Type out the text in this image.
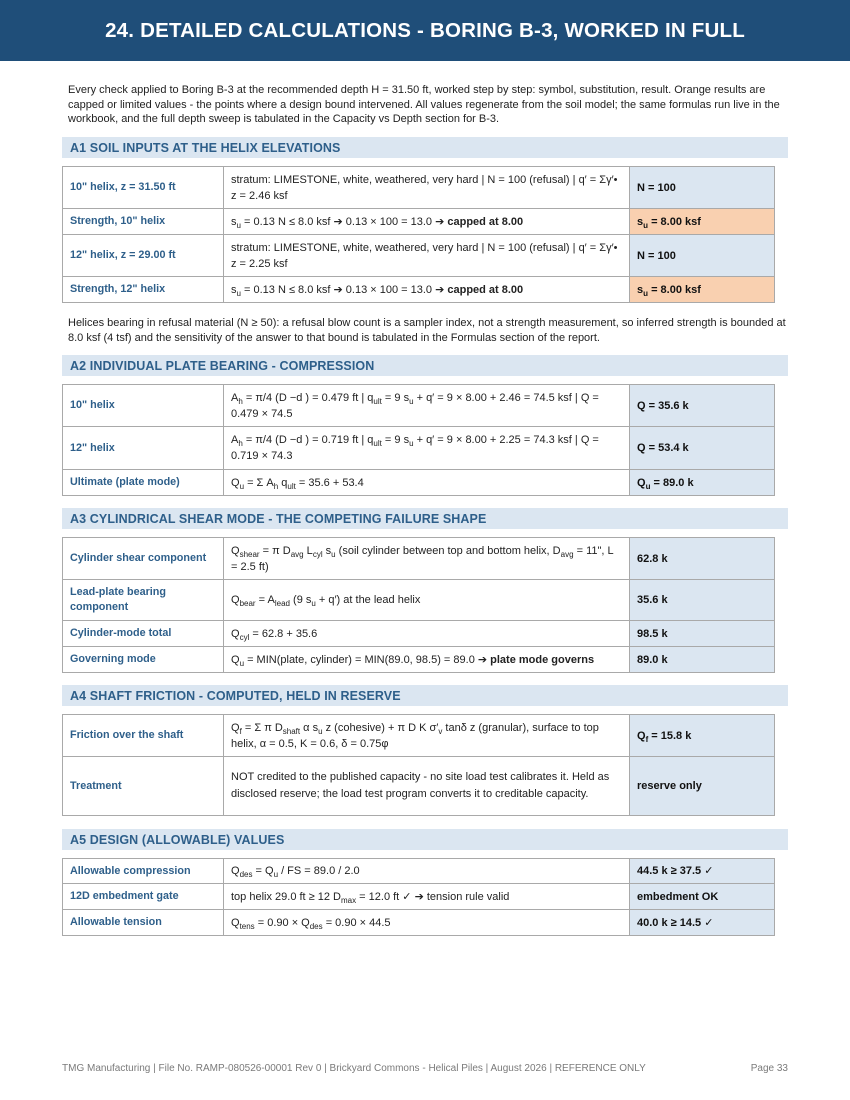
24. DETAILED CALCULATIONS - BORING B-3, WORKED IN FULL

Every check applied to Boring B-3 at the recommended depth H = 31.50 ft, worked step by step: symbol, substitution, result. Orange results are capped or limited values - the points where a design bound intervened. All values regenerate from the soil model; the same formulas run live in the workbook, and the full depth sweep is tabulated in the Capacity vs Depth section for B-3.

A1 SOIL INPUTS AT THE HELIX ELEVATIONS
10" helix, z = 31.50 ft	stratum: LIMESTONE, white, weathered, very hard | N = 100 (refusal) | q′ = Σγ′• z = 2.46 ksf	N = 100
Strength, 10" helix	$s_u = 0.13$ N ≤ 8.0 ksf ➔ 0.13 × 100 = 13.0 ➔ capped at 8.00	$s_u = 8.00$ ksf
12" helix, z = 29.00 ft	stratum: LIMESTONE, white, weathered, very hard | N = 100 (refusal) | q′ = Σγ′• z = 2.25 ksf	N = 100
Strength, 12" helix	$s_u = 0.13$ N ≤ 8.0 ksf ➔ 0.13 × 100 = 13.0 ➔ capped at 8.00	$s_u = 8.00$ ksf

Helices bearing in refusal material (N ≥ 50): a refusal blow count is a sampler index, not a strength measurement, so inferred strength is bounded at 8.0 ksf (4 tsf) and the sensitivity of the answer to that bound is tabulated in the Formulas section of the report.

A2 INDIVIDUAL PLATE BEARING - COMPRESSION
10" helix	$A_h = \pi/4$ (D −d ) = 0.479 ft | $q_{ult} = 9$ $s_u + q' = 9 \times 8.00 + 2.46 = 74.5$ ksf | Q = 0.479 × 74.5	Q = 35.6 k
12" helix	$A_h = \pi/4$ (D −d ) = 0.719 ft | $q_{ult} = 9$ $s_u + q' = 9 \times 8.00 + 2.25 = 74.3$ ksf | Q = 0.719 × 74.3	Q = 53.4 k
Ultimate (plate mode)	$Q_u = \Sigma$ $A_h$ $q_{ult} = 35.6 + 53.4$	$Q_u = 89.0$ k
A3 CYLINDRICAL SHEAR MODE - THE COMPETING FAILURE SHAPE
Cylinder shear component	$Q_{shear} = \pi$ $D_{avg}$ $L_{cyl}$ $s_u$ (soil cylinder between top and bottom helix, $D_{avg} = 11$", L = 2.5 ft)	62.8 k
Lead-plate bearing component	$Q_{bear} = A_{lead}$ (9 $s_u + q'$) at the lead helix	35.6 k
Cylinder-mode total	$Q_{cyl} = 62.8 + 35.6$	98.5 k
Governing mode	$Q_u$ = MIN(plate, cylinder) = MIN(89.0, 98.5) = 89.0 ➔ plate mode governs	89.0 k
A4 SHAFT FRICTION - COMPUTED, HELD IN RESERVE
Friction over the shaft	$Q_f = \Sigma$ π $D_{shaft}$ α $s_u$ z (cohesive) + π D K $\sigma'_v$ tanδ z (granular), surface to top helix, α = 0.5, K = 0.6, δ = 0.75φ	$Q_f = 15.8$ k
Treatment	NOT credited to the published capacity - no site load test calibrates it. Held as disclosed reserve; the load test program converts it to creditable capacity.	reserve only
A5 DESIGN (ALLOWABLE) VALUES
Allowable compression	$Q_{des} = Q_u$ / FS = 89.0 / 2.0	44.5 k ≥ 37.5 ✓
12D embedment gate	top helix 29.0 ft ≥ 12 $D_{max} = 12.0$ ft ✓ ➔ tension rule valid	embedment OK
Allowable tension	$Q_{tens} = 0.90 \times Q_{des} = 0.90 \times 44.5$	40.0 k ≥ 14.5 ✓
TMG Manufacturing | File No. RAMP-080526-00001 Rev 0 | Brickyard Commons - Helical Piles | August 2026 | REFERENCE ONLY	Page 33
